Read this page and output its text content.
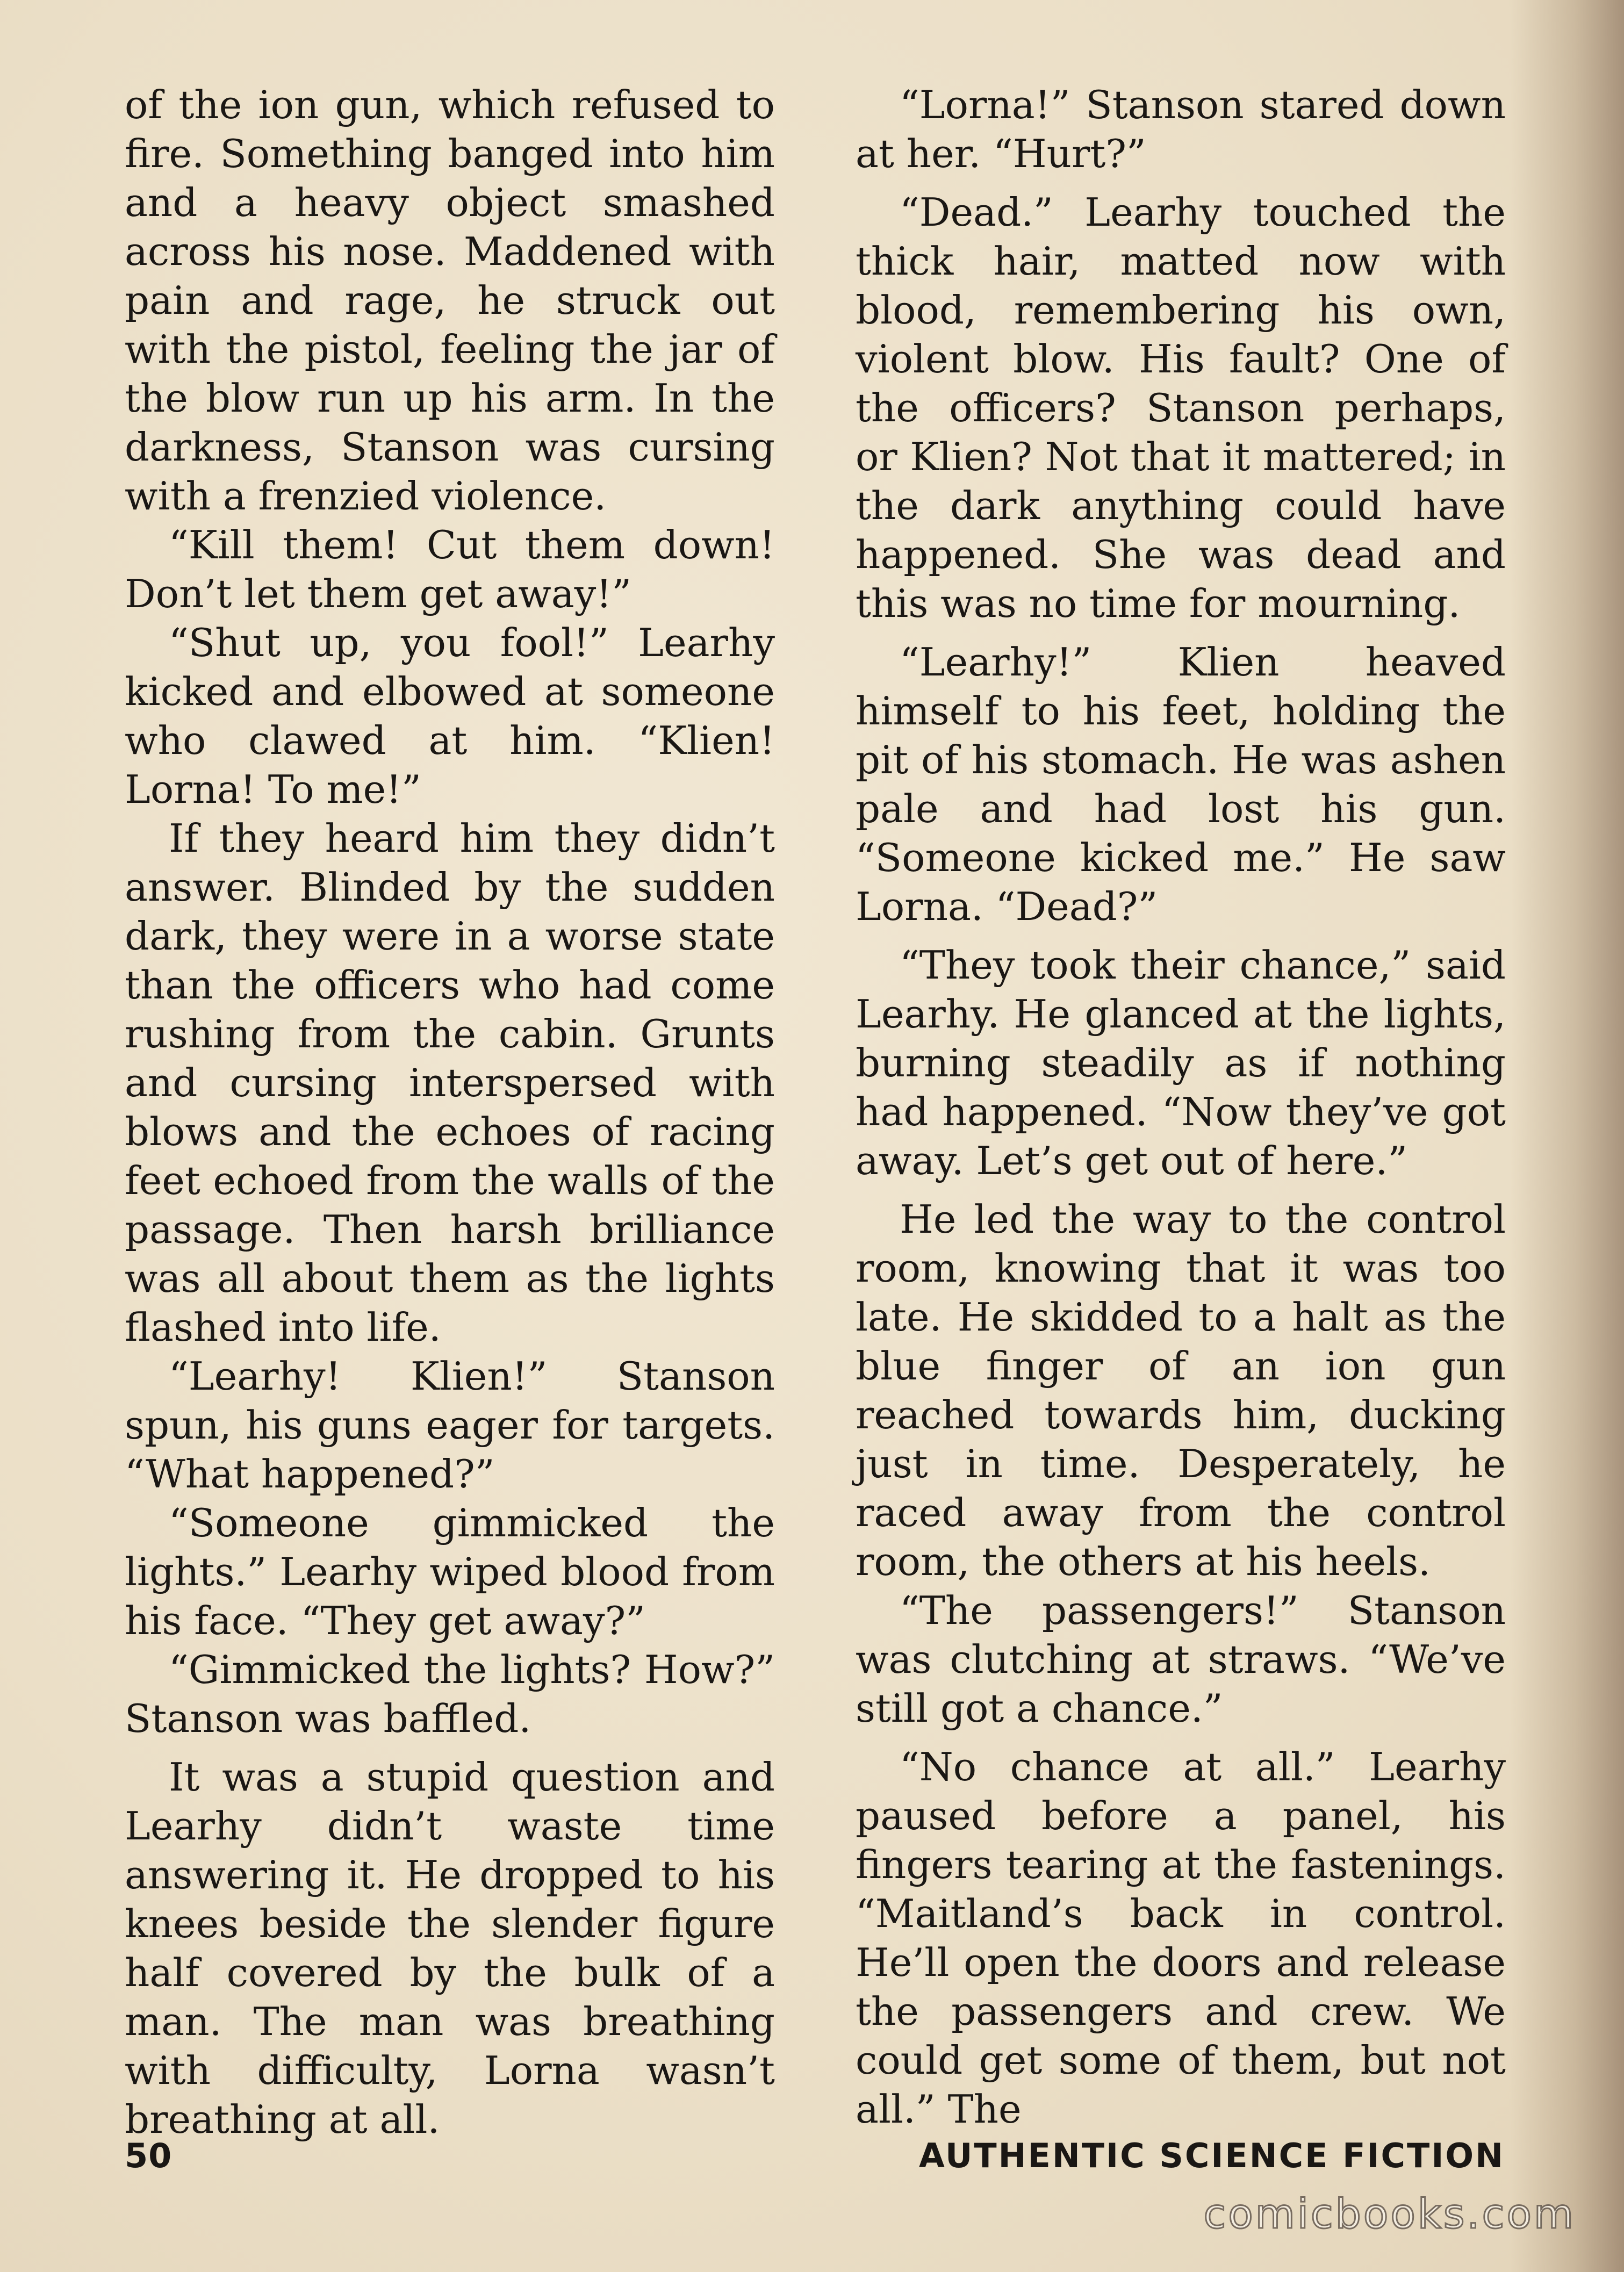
of the ion gun, which refused to fire. Something banged into him and a heavy object smashed across his nose. Maddened with pain and rage, he struck out with the pistol, feeling the jar of the blow run up his arm. In the darkness, Stanson was cursing with a frenzied violence.

“Kill them! Cut them down! Don’t let them get away!”

“Shut up, you fool!” Learhy kicked and elbowed at someone who clawed at him. “Klien! Lorna! To me!”

If they heard him they didn’t answer. Blinded by the sudden dark, they were in a worse state than the officers who had come rushing from the cabin. Grunts and cursing interspersed with blows and the echoes of racing feet echoed from the walls of the passage. Then harsh brilliance was all about them as the lights flashed into life.

“Learhy! Klien!” Stanson spun, his guns eager for targets. “What happened?”

“Someone gimmicked the lights.” Learhy wiped blood from his face. “They get away?”

“Gimmicked the lights? How?” Stanson was baffled.

It was a stupid question and Learhy didn’t waste time answering it. He dropped to his knees beside the slender figure half covered by the bulk of a man. The man was breathing with difficulty, Lorna wasn’t breathing at all.

“Lorna!” Stanson stared down at her. “Hurt?”

“Dead.” Learhy touched the thick hair, matted now with blood, remembering his own, violent blow. His fault? One of the officers? Stanson perhaps, or Klien? Not that it mattered; in the dark anything could have happened. She was dead and this was no time for mourning.

“Learhy!” Klien heaved himself to his feet, holding the pit of his stomach. He was ashen pale and had lost his gun. “Someone kicked me.” He saw Lorna. “Dead?”

“They took their chance,” said Learhy. He glanced at the lights, burning steadily as if nothing had happened. “Now they’ve got away. Let’s get out of here.”

He led the way to the control room, knowing that it was too late. He skidded to a halt as the blue finger of an ion gun reached towards him, ducking just in time. Desperately, he raced away from the control room, the others at his heels.

“The passengers!” Stanson was clutching at straws. “We’ve still got a chance.”

“No chance at all.” Learhy paused before a panel, his fingers tearing at the fastenings. “Maitland’s back in control. He’ll open the doors and release the passengers and crew. We could get some of them, but not all.” The

50	AUTHENTIC SCIENCE FICTION
comicbooks.com
